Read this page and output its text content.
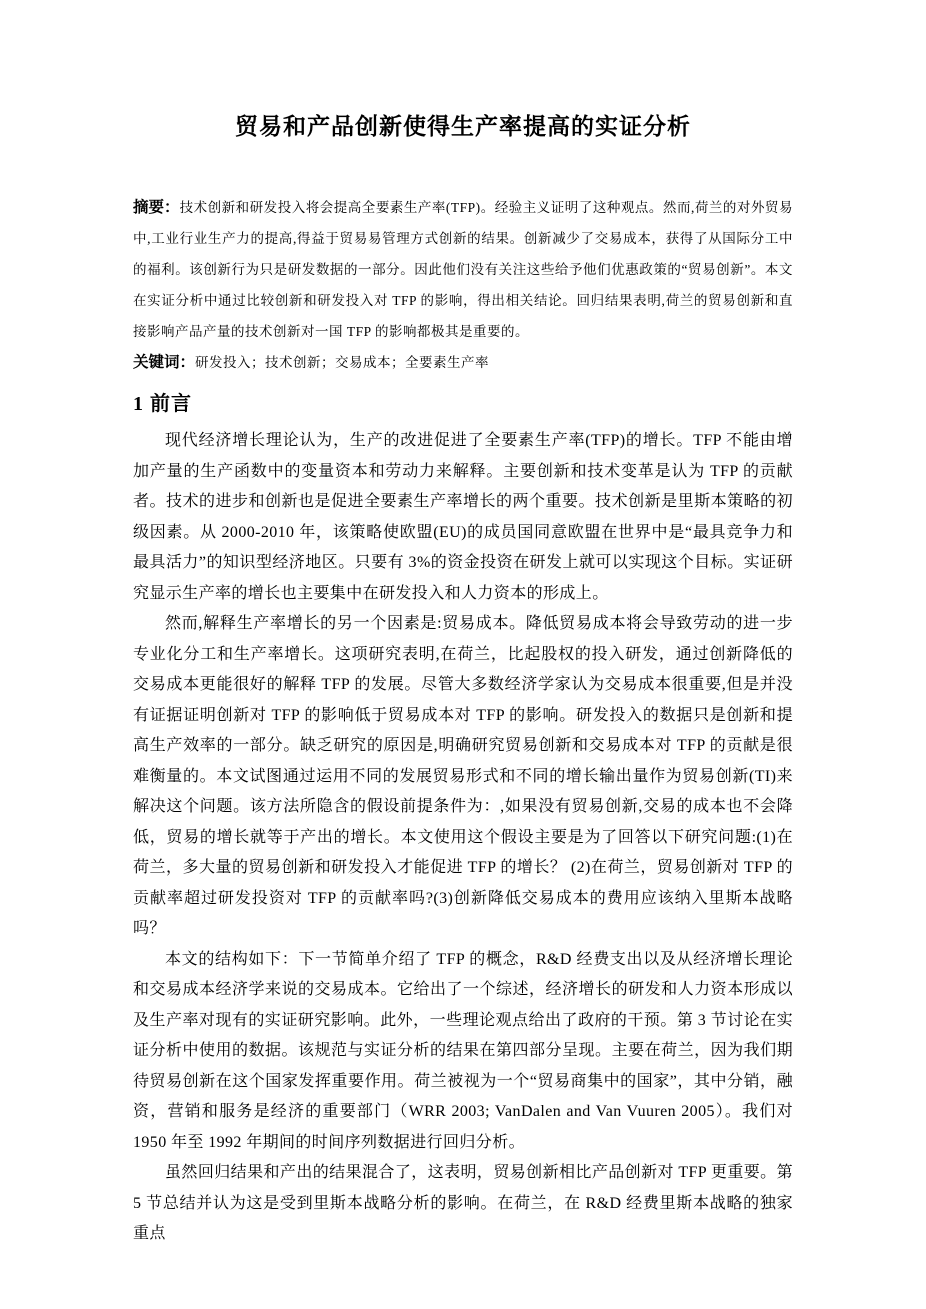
贸易和产品创新使得生产率提高的实证分析

摘要：技术创新和研发投入将会提高全要素生产率(TFP)。经验主义证明了这种观点。然而,荷兰的对外贸易中,工业行业生产力的提高,得益于贸易易管理方式创新的结果。创新减少了交易成本，获得了从国际分工中的福利。该创新行为只是研发数据的一部分。因此他们没有关注这些给予他们优惠政策的“贸易创新”。本文在实证分析中通过比较创新和研发投入对 TFP 的影响，得出相关结论。回归结果表明,荷兰的贸易创新和直接影响产品产量的技术创新对一国 TFP 的影响都极其是重要的。

关键词：研发投入；技术创新；交易成本；全要素生产率

1 前言

现代经济增长理论认为，生产的改进促进了全要素生产率(TFP)的增长。TFP 不能由增加产量的生产函数中的变量资本和劳动力来解释。主要创新和技术变革是认为 TFP 的贡献者。技术的进步和创新也是促进全要素生产率增长的两个重要。技术创新是里斯本策略的初级因素。从 2000-2010 年，该策略使欧盟(EU)的成员国同意欧盟在世界中是“最具竞争力和最具活力”的知识型经济地区。只要有 3%的资金投资在研发上就可以实现这个目标。实证研究显示生产率的增长也主要集中在研发投入和人力资本的形成上。

然而,解释生产率增长的另一个因素是:贸易成本。降低贸易成本将会导致劳动的进一步专业化分工和生产率增长。这项研究表明,在荷兰，比起股权的投入研发，通过创新降低的交易成本更能很好的解释 TFP 的发展。尽管大多数经济学家认为交易成本很重要,但是并没有证据证明创新对 TFP 的影响低于贸易成本对 TFP 的影响。研发投入的数据只是创新和提高生产效率的一部分。缺乏研究的原因是,明确研究贸易创新和交易成本对 TFP 的贡献是很难衡量的。本文试图通过运用不同的发展贸易形式和不同的增长输出量作为贸易创新(TI)来解决这个问题。该方法所隐含的假设前提条件为：,如果没有贸易创新,交易的成本也不会降低，贸易的增长就等于产出的增长。本文使用这个假设主要是为了回答以下研究问题:(1)在荷兰，多大量的贸易创新和研发投入才能促进 TFP 的增长？ (2)在荷兰，贸易创新对 TFP 的贡献率超过研发投资对 TFP 的贡献率吗?(3)创新降低交易成本的费用应该纳入里斯本战略吗？

本文的结构如下：下一节简单介绍了 TFP 的概念，R&D 经费支出以及从经济增长理论和交易成本经济学来说的交易成本。它给出了一个综述，经济增长的研发和人力资本形成以及生产率对现有的实证研究影响。此外，一些理论观点给出了政府的干预。第 3 节讨论在实证分析中使用的数据。该规范与实证分析的结果在第四部分呈现。主要在荷兰，因为我们期待贸易创新在这个国家发挥重要作用。荷兰被视为一个“贸易商集中的国家”，其中分销，融资，营销和服务是经济的重要部门（WRR 2003; VanDalen and Van Vuuren 2005）。我们对 1950 年至 1992 年期间的时间序列数据进行回归分析。

虽然回归结果和产出的结果混合了，这表明，贸易创新相比产品创新对 TFP 更重要。第 5 节总结并认为这是受到里斯本战略分析的影响。在荷兰，在 R&D 经费里斯本战略的独家重点
